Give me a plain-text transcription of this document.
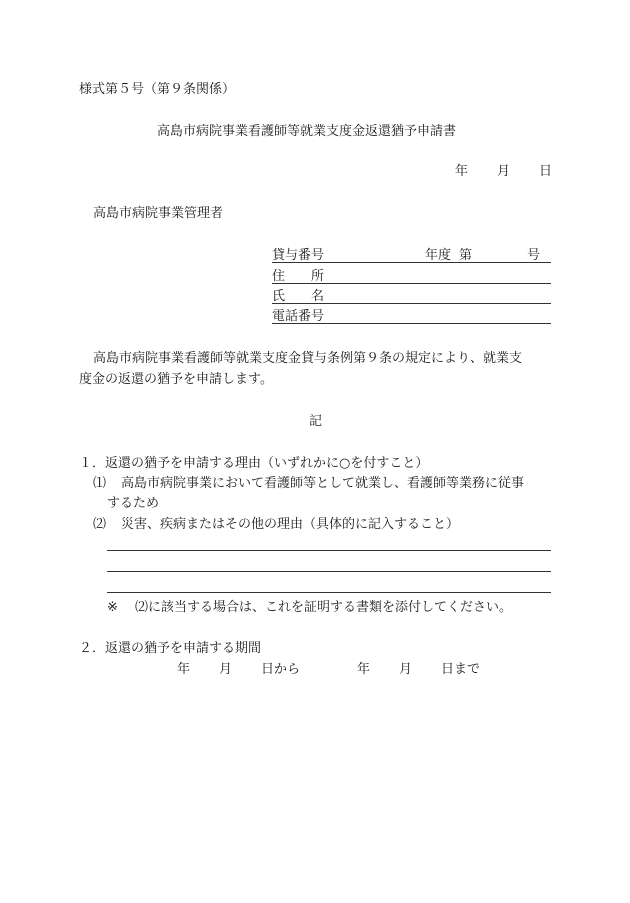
様式第５号（第９条関係）
高島市病院事業看護師等就業支度金返還猶予申請書
年 月 日
高島市病院事業管理者
貸与番号	年度 第	号
住　　所
氏　　名
電話番号
高島市病院事業看護師等就業支度金貸与条例第９条の規定により、就業支
度金の返還の猶予を申請します。
記
１．返還の猶予を申請する理由（いずれかに○を付すこと）
⑴ 高島市病院事業において看護師等として就業し、看護師等業務に従事
するため
⑵ 災害、疾病またはその他の理由（具体的に記入すること）
※ ⑵に該当する場合は、これを証明する書類を添付してください。
２．返還の猶予を申請する期間
年 月 日から	年 月 日まで
